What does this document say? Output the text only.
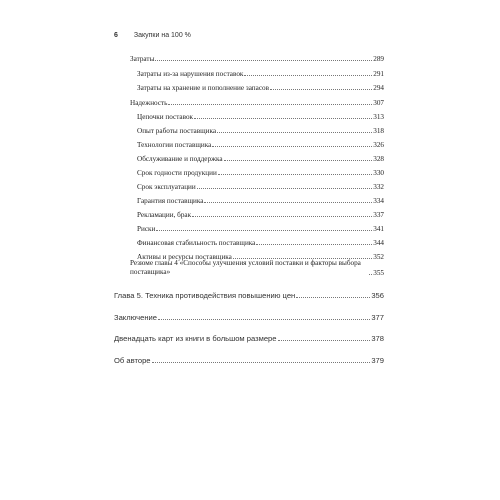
6 Закупки на 100 %
Затраты	289
Затраты из-за нарушения поставок	291
Затраты на хранение и пополнение запасов	294
Надежность	307
Цепочки поставок	313
Опыт работы поставщика	318
Технологии поставщика	326
Обслуживание и поддержка	328
Срок годности продукции	330
Срок эксплуатации	332
Гарантия поставщика	334
Рекламации, брак	337
Риски	341
Финансовая стабильность поставщика	344
Активы и ресурсы поставщика	352
Резюме главы 4 «Способы улучшения условий поставки и факторы выбора поставщика»	355
Глава 5. Техника противодействия повышению цен	356
Заключение	377
Двенадцать карт из книги в большом размере	378
Об авторе	379
